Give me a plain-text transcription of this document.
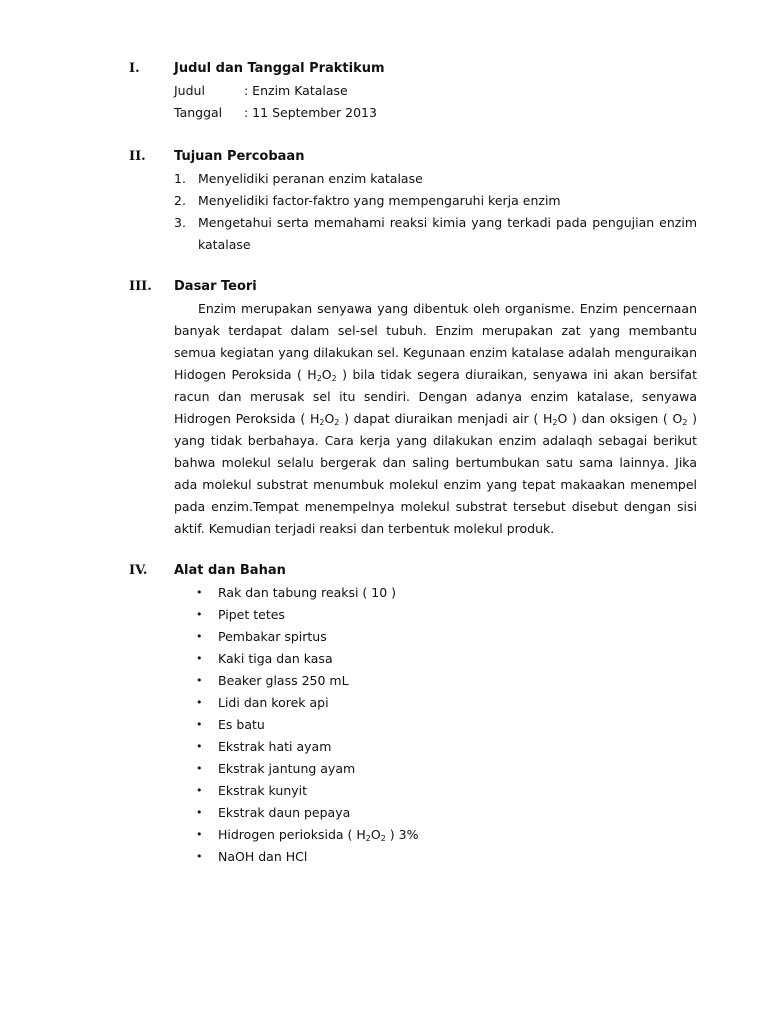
I.	Judul dan Tanggal Praktikum
Judul	: Enzim Katalase
Tanggal	: 11 September 2013
II.	Tujuan Percobaan
1. Menyelidiki peranan enzim katalase
2. Menyelidiki factor-faktro yang mempengaruhi kerja enzim
3. Mengetahui serta memahami reaksi kimia yang terkadi pada pengujian enzim katalase
III.	Dasar Teori

Enzim merupakan senyawa yang dibentuk oleh organisme. Enzim pencernaan banyak terdapat dalam sel-sel tubuh. Enzim merupakan zat yang membantu semua kegiatan yang dilakukan sel. Kegunaan enzim katalase adalah menguraikan Hidogen Peroksida ( $H_2O_2$ ) bila tidak segera diuraikan, senyawa ini akan bersifat racun dan merusak sel itu sendiri. Dengan adanya enzim katalase, senyawa Hidrogen Peroksida ( $H_2O_2$ ) dapat diuraikan menjadi air ( $H_2O$ ) dan oksigen ( $O_2$ ) yang tidak berbahaya. Cara kerja yang dilakukan enzim adalaqh sebagai berikut bahwa molekul selalu bergerak dan saling bertumbukan satu sama lainnya. Jika ada molekul substrat menumbuk molekul enzim yang tepat makaakan menempel pada enzim.Tempat menempelnya molekul substrat tersebut disebut dengan sisi aktif. Kemudian terjadi reaksi dan terbentuk molekul produk.

IV.	Alat dan Bahan
•	Rak dan tabung reaksi ( 10 )
•	Pipet tetes
•	Pembakar spirtus
•	Kaki tiga dan kasa
•	Beaker glass 250 mL
•	Lidi dan korek api
•	Es batu
•	Ekstrak hati ayam
•	Ekstrak jantung ayam
•	Ekstrak kunyit
•	Ekstrak daun pepaya
•	Hidrogen perioksida ( $H_2O_2$ ) 3%
•	NaOH dan HCl
